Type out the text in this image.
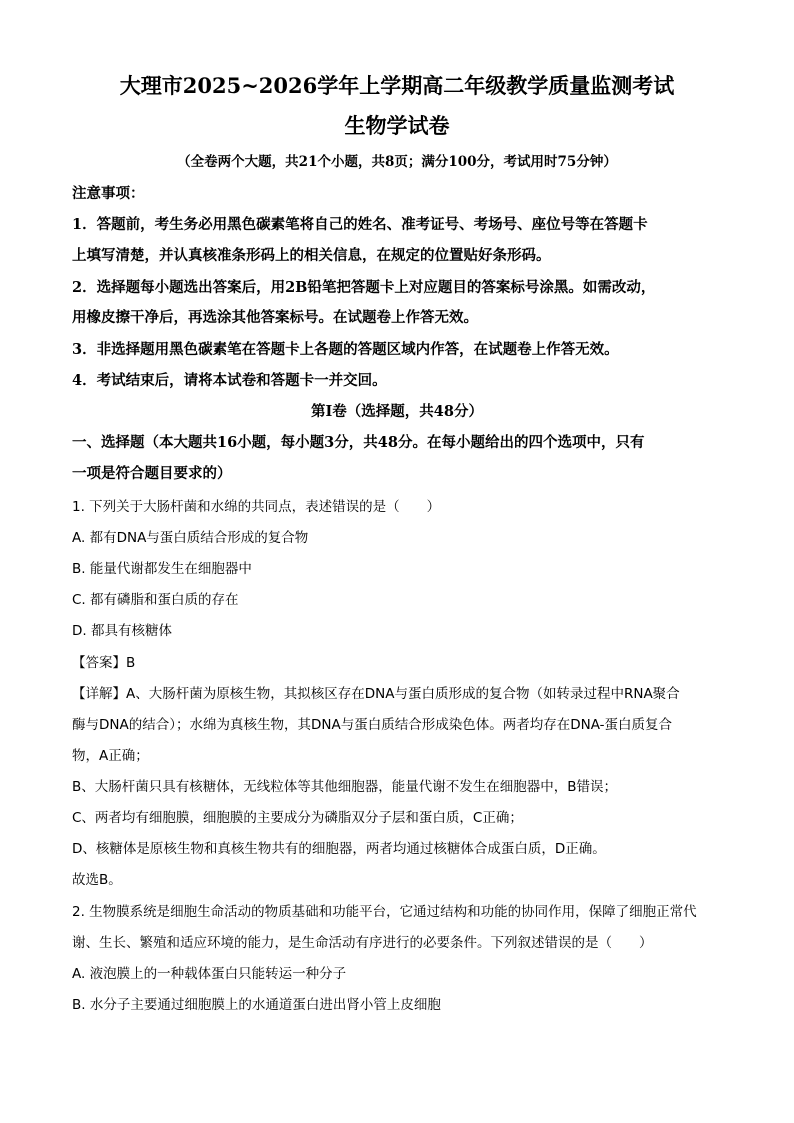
大理市2025~2026学年上学期高二年级教学质量监测考试
生物学试卷
（全卷两个大题，共21个小题，共8页；满分100分，考试用时75分钟）
注意事项：
1．答题前，考生务必用黑色碳素笔将自己的姓名、准考证号、考场号、座位号等在答题卡
上填写清楚，并认真核准条形码上的相关信息，在规定的位置贴好条形码。
2．选择题每小题选出答案后，用2B铅笔把答题卡上对应题目的答案标号涂黑。如需改动，
用橡皮擦干净后，再选涂其他答案标号。在试题卷上作答无效。
3．非选择题用黑色碳素笔在答题卡上各题的答题区域内作答，在试题卷上作答无效。
4．考试结束后，请将本试卷和答题卡一并交回。
第Ⅰ卷（选择题，共48分）
一、选择题（本大题共16小题，每小题3分，共48分。在每小题给出的四个选项中，只有
一项是符合题目要求的）
1. 下列关于大肠杆菌和水绵的共同点，表述错误的是（　　）
A. 都有DNA与蛋白质结合形成的复合物
B. 能量代谢都发生在细胞器中
C. 都有磷脂和蛋白质的存在
D. 都具有核糖体
【答案】B
【详解】A、大肠杆菌为原核生物，其拟核区存在DNA与蛋白质形成的复合物（如转录过程中RNA聚合
酶与DNA的结合）；水绵为真核生物，其DNA与蛋白质结合形成染色体。两者均存在DNA-蛋白质复合
物，A正确；
B、大肠杆菌只具有核糖体，无线粒体等其他细胞器，能量代谢不发生在细胞器中，B错误；
C、两者均有细胞膜，细胞膜的主要成分为磷脂双分子层和蛋白质，C正确；
D、核糖体是原核生物和真核生物共有的细胞器，两者均通过核糖体合成蛋白质，D正确。
故选B。
2. 生物膜系统是细胞生命活动的物质基础和功能平台，它通过结构和功能的协同作用，保障了细胞正常代
谢、生长、繁殖和适应环境的能力，是生命活动有序进行的必要条件。下列叙述错误的是（　　）
A. 液泡膜上的一种载体蛋白只能转运一种分子
B. 水分子主要通过细胞膜上的水通道蛋白进出肾小管上皮细胞
